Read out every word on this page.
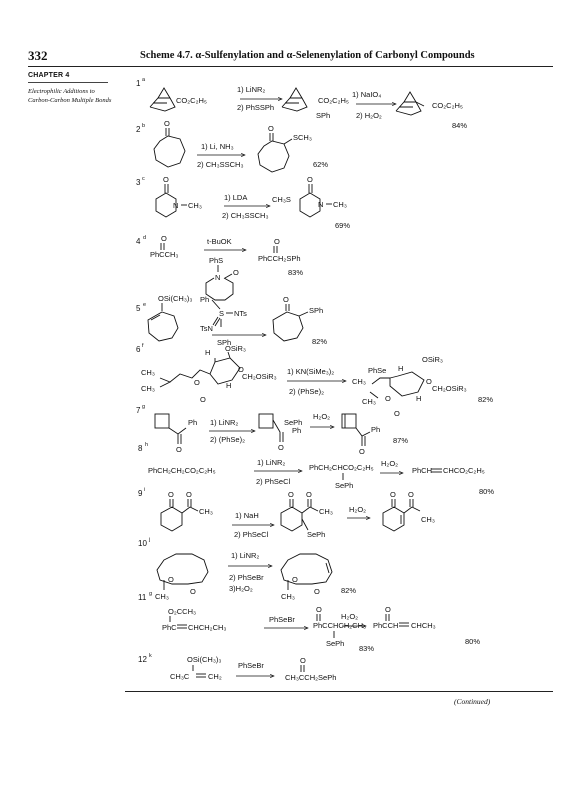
332	Scheme 4.7. α-Sulfenylation and α-Selenenylation of Carbonyl Compounds
CHAPTER 4
Electrophilic Additions to Carbon-Carbon Multiple Bonds
1 a
CO₂C₂H₅
1) LiNR₂
2) PhSSPh
CO₂C₂H₅
SPh
1) NaIO₄
2) H₂O₂
CO₂C₂H₅
84%
2 b	O
1) Li, NH₃
2) CH₃SSCH₃
O
SCH₃
62%
3 c O
N CH₃
1) LDA
2) CH₃SSCH₃
CH₃S
O
N CH₃
69%
4 d O
PhCCH₃
t-BuOK
PhS
N
O
O
PhCCH₂SPh
83%
5 e
OSi(CH₃)₃ Ph
S NTs
TsN
SPh
O
SPh
82%
6 f
CH₃
CH₃
H OSiR₃
O
O	H
CH₂OSiR₃
O
1) KN(SiMe₃)₂
2) (PhSe)₂
PhSe H
OSiR₃
CH₃
CH₃
O
O	H
CH₂OSiR₃
O
82%
7 g
Ph
O
1) LiNR₂
2) (PhSe)₂
SePh
Ph
O
H₂O₂
Ph
O
87%
8 h
PhCH₂CH₂CO₂C₂H₅
1) LiNR₂
2) PhSeCl
PhCH₂CHCO₂C₂H₅
SePh
H₂O₂
PhCH CHCO₂C₂H₅
80%
9 i	O O
CH₃	1) NaH
2) PhSeCl
O O
CH₃
SePh
H₂O₂
O O
CH₃
10 j
O
O
CH₃
1) LiNR₂
2) PhSeBr
3)H₂O₂
O
O
CH₃
82%
11 g
O₂CCH₃
PhC CHCH₂CH₃
PhSeBr
O
PhCCHCH₂CH₃
SePh
H₂O₂
O
PhCCH CHCH₃
83%
80%
12 k	OSi(CH₃)₃
CH₃C CH₂
PhSeBr
O
CH₃CCH₂SePh
(Continued)
